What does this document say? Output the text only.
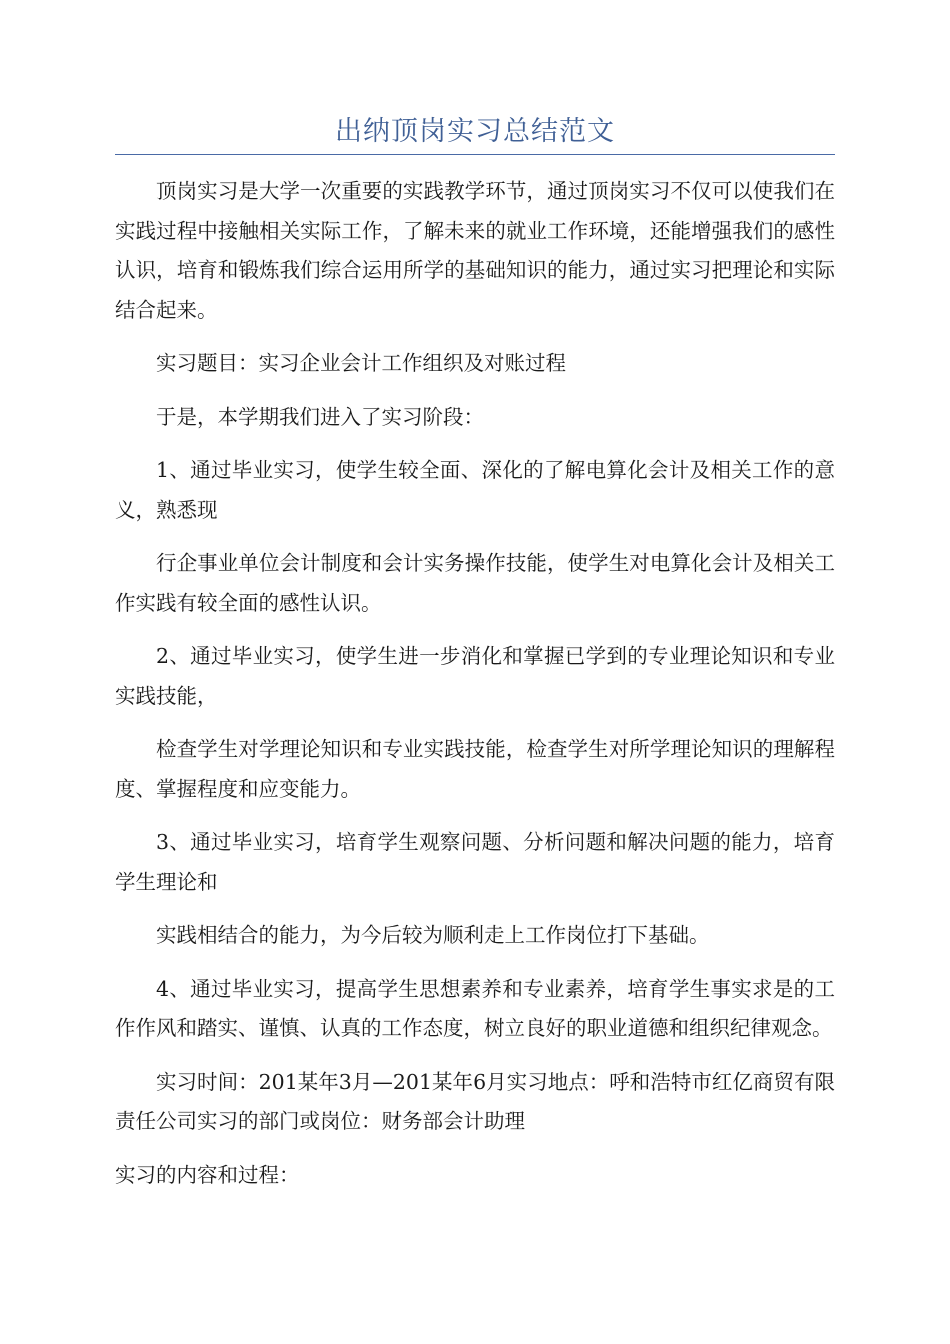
出纳顶岗实习总结范文

顶岗实习是大学一次重要的实践教学环节，通过顶岗实习不仅可以使我们在实践过程中接触相关实际工作，了解未来的就业工作环境，还能增强我们的感性认识，培育和锻炼我们综合运用所学的基础知识的能力，通过实习把理论和实际结合起来。

实习题目：实习企业会计工作组织及对账过程

于是，本学期我们进入了实习阶段：

1、通过毕业实习，使学生较全面、深化的了解电算化会计及相关工作的意义，熟悉现

行企事业单位会计制度和会计实务操作技能，使学生对电算化会计及相关工作实践有较全面的感性认识。

2、通过毕业实习，使学生进一步消化和掌握已学到的专业理论知识和专业实践技能，

检查学生对学理论知识和专业实践技能，检查学生对所学理论知识的理解程度、掌握程度和应变能力。

3、通过毕业实习，培育学生观察问题、分析问题和解决问题的能力，培育学生理论和

实践相结合的能力，为今后较为顺利走上工作岗位打下基础。

4、通过毕业实习，提高学生思想素养和专业素养，培育学生事实求是的工作作风和踏实、谨慎、认真的工作态度，树立良好的职业道德和组织纪律观念。

实习时间：201某年3月—201某年6月实习地点：呼和浩特市红亿商贸有限责任公司实习的部门或岗位：财务部会计助理

实习的内容和过程：
